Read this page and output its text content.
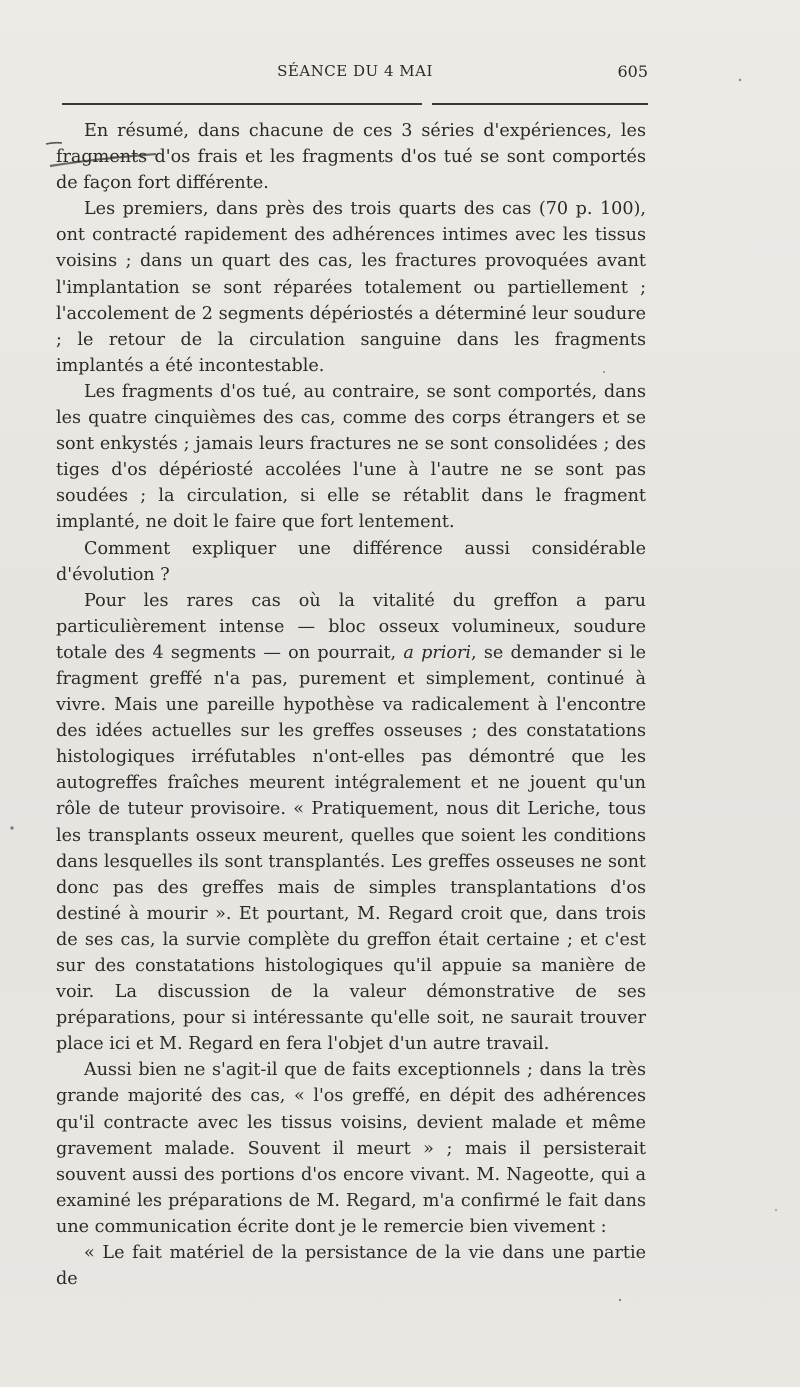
SÉANCE DU 4 MAI	605

En résumé, dans chacune de ces 3 séries d'expériences, les fragments d'os frais et les fragments d'os tué se sont comportés de façon fort différente.

Les premiers, dans près des trois quarts des cas (70 p. 100), ont contracté rapidement des adhérences intimes avec les tissus voisins ; dans un quart des cas, les fractures provoquées avant l'implantation se sont réparées totalement ou partiellement ; l'accolement de 2 segments dépériostés a déterminé leur soudure ; le retour de la circulation sanguine dans les fragments implantés a été incontestable.

Les fragments d'os tué, au contraire, se sont comportés, dans les quatre cinquièmes des cas, comme des corps étrangers et se sont enkystés ; jamais leurs fractures ne se sont consolidées ; des tiges d'os dépériosté accolées l'une à l'autre ne se sont pas soudées ; la circulation, si elle se rétablit dans le fragment implanté, ne doit le faire que fort lentement.

Comment expliquer une différence aussi considérable d'évolution ?

Pour les rares cas où la vitalité du greffon a paru particulièrement intense — bloc osseux volumineux, soudure totale des 4 segments — on pourrait, a priori, se demander si le fragment greffé n'a pas, purement et simplement, continué à vivre. Mais une pareille hypothèse va radicalement à l'encontre des idées actuelles sur les greffes osseuses ; des constatations histologiques irréfutables n'ont-elles pas démontré que les autogreffes fraîches meurent intégralement et ne jouent qu'un rôle de tuteur provisoire. « Pratiquement, nous dit Leriche, tous les transplants osseux meurent, quelles que soient les conditions dans lesquelles ils sont transplantés. Les greffes osseuses ne sont donc pas des greffes mais de simples transplantations d'os destiné à mourir ». Et pourtant, M. Regard croit que, dans trois de ses cas, la survie complète du greffon était certaine ; et c'est sur des constatations histologiques qu'il appuie sa manière de voir. La discussion de la valeur démonstrative de ses préparations, pour si intéressante qu'elle soit, ne saurait trouver place ici et M. Regard en fera l'objet d'un autre travail.

Aussi bien ne s'agit-il que de faits exceptionnels ; dans la très grande majorité des cas, « l'os greffé, en dépit des adhérences qu'il contracte avec les tissus voisins, devient malade et même gravement malade. Souvent il meurt » ; mais il persisterait souvent aussi des portions d'os encore vivant. M. Nageotte, qui a examiné les préparations de M. Regard, m'a confirmé le fait dans une communication écrite dont je le remercie bien vivement :

« Le fait matériel de la persistance de la vie dans une partie de
